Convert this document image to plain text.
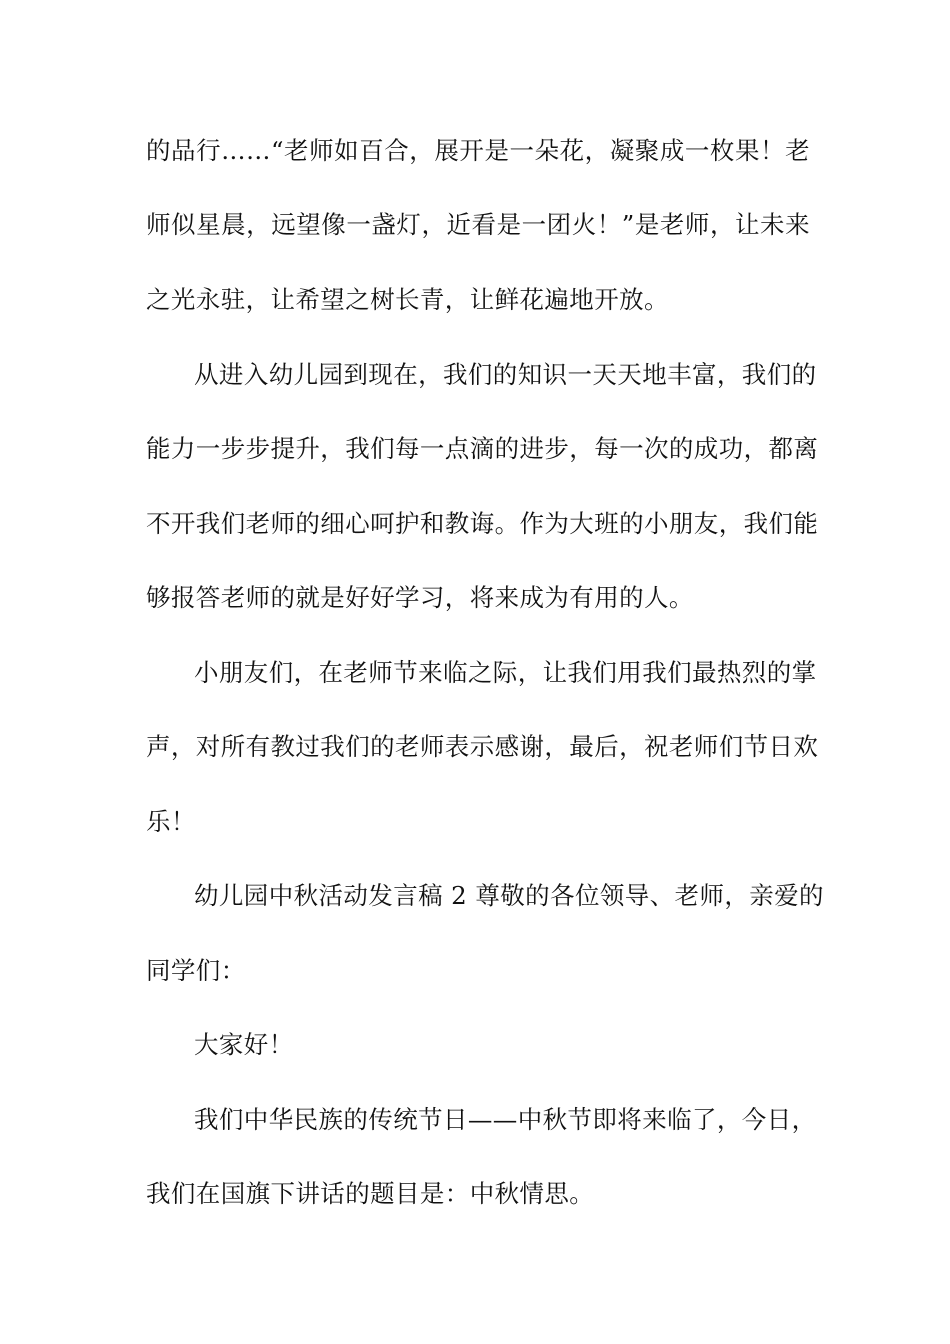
的品行……“老师如百合，展开是一朵花，凝聚成一枚果！老
师似星晨，远望像一盏灯，近看是一团火！”是老师，让未来
之光永驻，让希望之树长青，让鲜花遍地开放。
从进入幼儿园到现在，我们的知识一天天地丰富，我们的
能力一步步提升，我们每一点滴的进步，每一次的成功，都离
不开我们老师的细心呵护和教诲。作为大班的小朋友，我们能
够报答老师的就是好好学习，将来成为有用的人。
小朋友们，在老师节来临之际，让我们用我们最热烈的掌
声，对所有教过我们的老师表示感谢，最后，祝老师们节日欢
乐！
幼儿园中秋活动发言稿 2 尊敬的各位领导、老师，亲爱的
同学们：
大家好！
我们中华民族的传统节日——中秋节即将来临了，今日，
我们在国旗下讲话的题目是：中秋情思。
